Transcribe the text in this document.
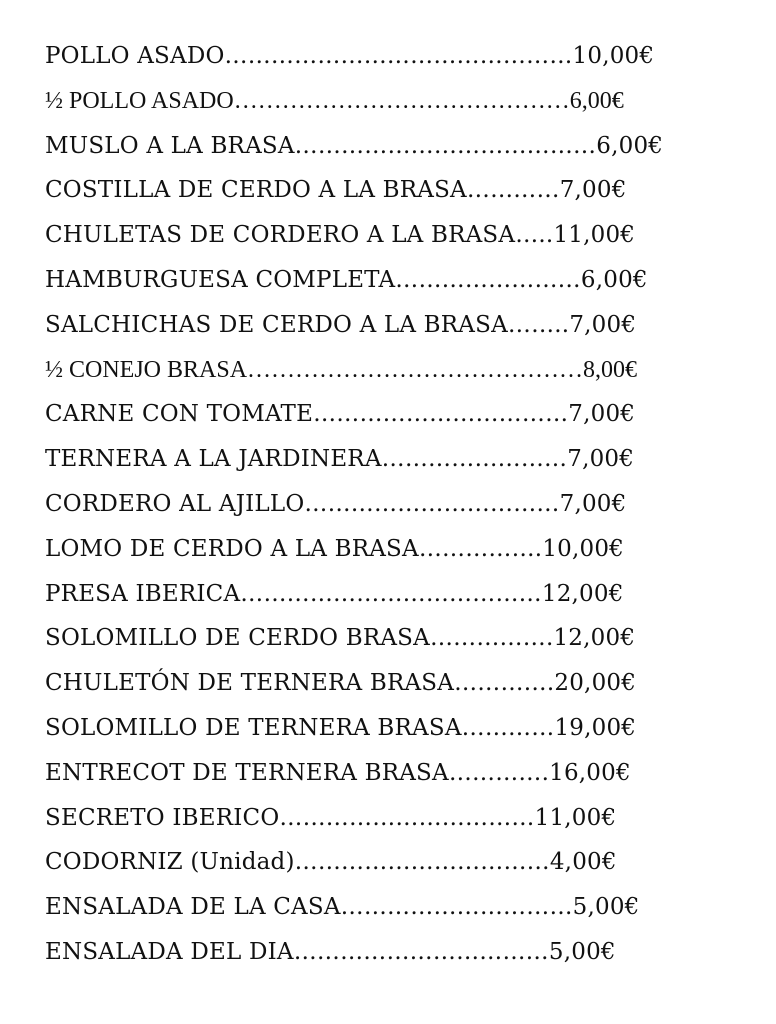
POLLO ASADO………………………………………10,00€
½ POLLO ASADO……………………………………6,00€
MUSLO A LA BRASA…………………………………6,00€
COSTILLA DE CERDO A LA BRASA…………7,00€
CHULETAS DE CORDERO A LA BRASA…..11,00€
HAMBURGUESA COMPLETA……………………6,00€
SALCHICHAS DE CERDO A LA BRASA……..7,00€
½ CONEJO BRASA……………………………………8,00€
CARNE CON TOMATE……………………………7,00€
TERNERA A LA JARDINERA……………………7,00€
CORDERO AL AJILLO……………………………7,00€
LOMO DE CERDO A LA BRASA…………….10,00€
PRESA IBERICA…………………………………12,00€
SOLOMILLO DE CERDO BRASA…………….12,00€
CHULETÓN DE TERNERA BRASA………….20,00€
SOLOMILLO DE TERNERA BRASA…………19,00€
ENTRECOT DE TERNERA BRASA………….16,00€
SECRETO IBERICO……………………………11,00€
CODORNIZ (Unidad)……………………………4,00€
ENSALADA DE LA CASA…………………………5,00€
ENSALADA DEL DIA……………………………5,00€
